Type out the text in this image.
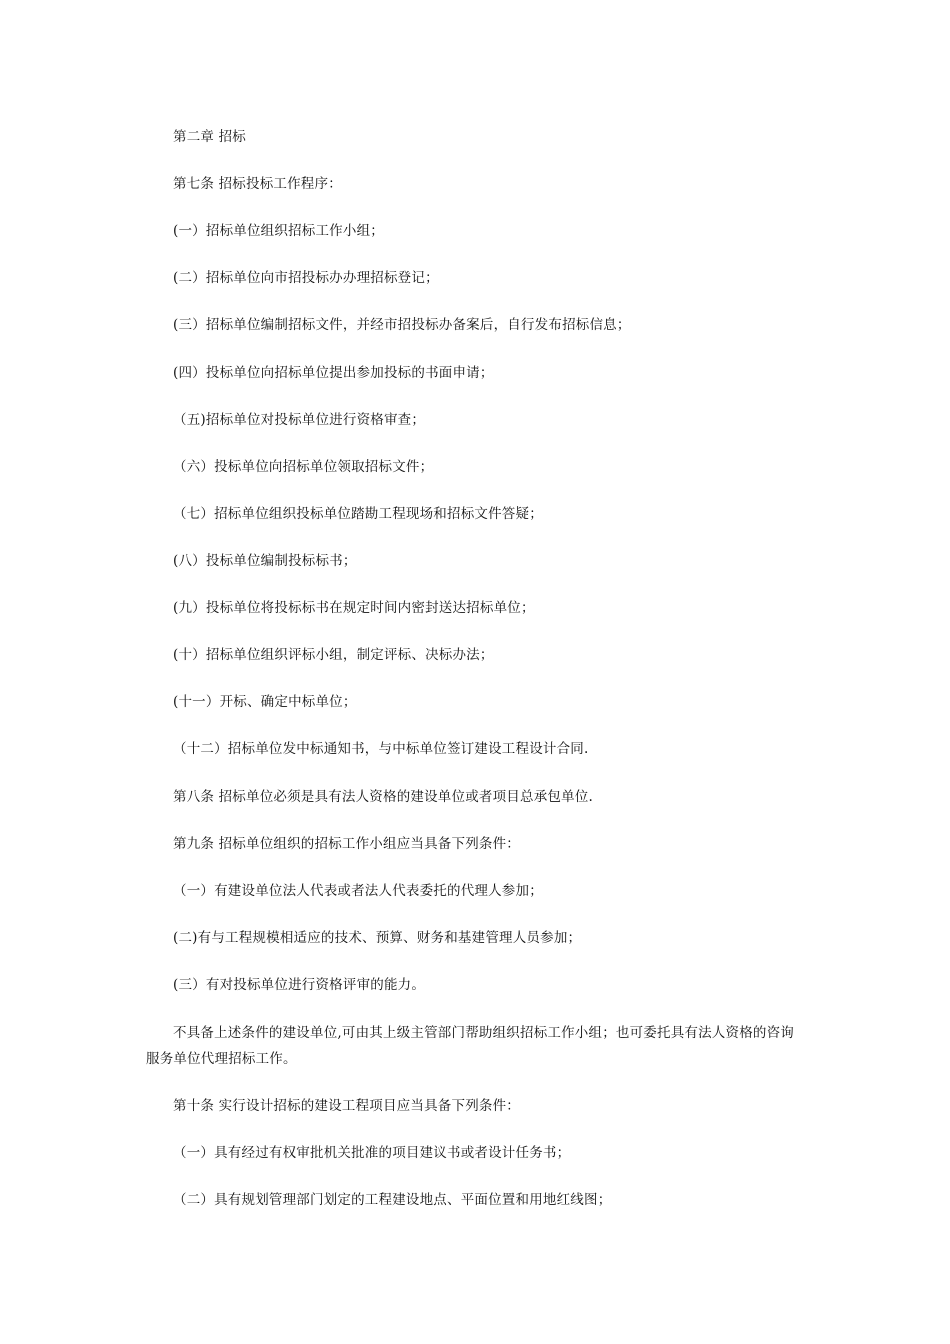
第二章 招标
第七条 招标投标工作程序：
(一）招标单位组织招标工作小组；
(二）招标单位向市招投标办办理招标登记；
(三）招标单位编制招标文件，并经市招投标办备案后，自行发布招标信息；
(四）投标单位向招标单位提出参加投标的书面申请；
（五)招标单位对投标单位进行资格审查；
（六）投标单位向招标单位领取招标文件；
（七）招标单位组织投标单位踏勘工程现场和招标文件答疑；
(八）投标单位编制投标标书；
(九）投标单位将投标标书在规定时间内密封送达招标单位；
(十）招标单位组织评标小组，制定评标、决标办法；
(十一）开标、确定中标单位；
（十二）招标单位发中标通知书，与中标单位签订建设工程设计合同.
第八条 招标单位必须是具有法人资格的建设单位或者项目总承包单位.
第九条 招标单位组织的招标工作小组应当具备下列条件：
（一）有建设单位法人代表或者法人代表委托的代理人参加；
(二)有与工程规模相适应的技术、预算、财务和基建管理人员参加；
(三）有对投标单位进行资格评审的能力。
不具备上述条件的建设单位,可由其上级主管部门帮助组织招标工作小组；也可委托具有法人资格的咨询服务单位代理招标工作。
第十条 实行设计招标的建设工程项目应当具备下列条件：
（一）具有经过有权审批机关批准的项目建议书或者设计任务书；
（二）具有规划管理部门划定的工程建设地点、平面位置和用地红线图；
